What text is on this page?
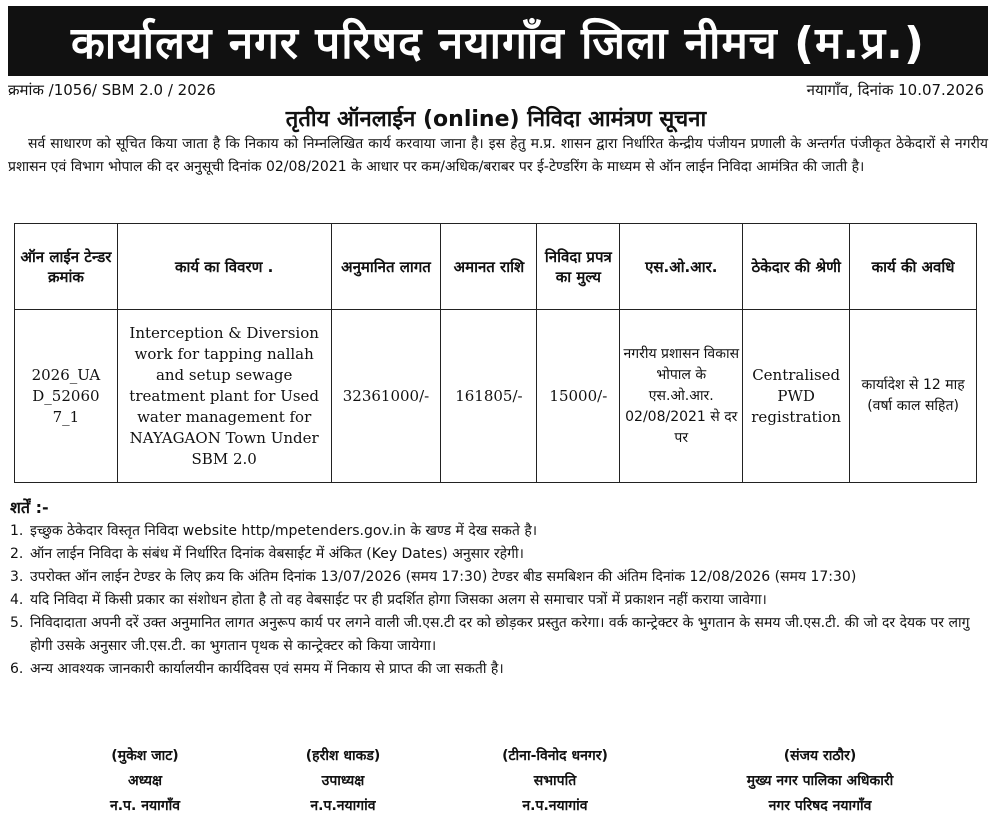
कार्यालय नगर परिषद नयागाँव जिला नीमच (म.प्र.)
क्रमांक /1056/ SBM 2.0 / 2026	नयागाँव, दिनांक 10.07.2026
तृतीय ऑनलाईन (online) निविदा आमंत्रण सूचना
सर्व साधारण को सूचित किया जाता है कि निकाय को निम्नलिखित कार्य करवाया जाना है। इस हेतु म.प्र. शासन द्वारा निर्धारित केन्द्रीय पंजीयन प्रणाली के अन्तर्गत पंजीकृत ठेकेदारों से नगरीय प्रशासन एवं विभाग भोपाल की दर अनुसूची दिनांक 02/08/2021 के आधार पर कम/अधिक/बराबर पर ई-टेण्डरिंग के माध्यम से ऑन लाईन निविदा आमंत्रित की जाती है।
ऑन लाईन टेन्डर क्रमांक	कार्य का विवरण .	अनुमानित लागत	अमानत राशि	निविदा प्रपत्र का मुल्य	एस.ओ.आर.	ठेकेदार की श्रेणी	कार्य की अवधि
2026_UAD_520607_1	Interception & Diversion work for tapping nallah and setup sewage treatment plant for Used water management for NAYAGAON Town Under SBM 2.0	32361000/-	161805/-	15000/-	नगरीय प्रशासन विकास भोपाल के एस.ओ.आर. 02/08/2021 से दर पर	Centralised PWD registration	कार्यादेश से 12 माह (वर्षा काल सहित)
शर्तें :-
1. इच्छुक ठेकेदार विस्तृत निविदा website http/mpetenders.gov.in के खण्ड में देख सकते है।
2. ऑन लाईन निविदा के संबंध में निर्धारित दिनांक वेबसाईट में अंकित (Key Dates) अनुसार रहेगी।
3. उपरोक्त ऑन लाईन टेण्डर के लिए क्रय कि अंतिम दिनांक 13/07/2026 (समय 17:30) टेण्डर बीड समबिशन की अंतिम दिनांक 12/08/2026 (समय 17:30)
4. यदि निविदा में किसी प्रकार का संशोधन होता है तो वह वेबसाईट पर ही प्रदर्शित होगा जिसका अलग से समाचार पत्रों में प्रकाशन नहीं कराया जावेगा।
5. निविदादाता अपनी दरें उक्त अनुमानित लागत अनुरूप कार्य पर लगने वाली जी.एस.टी दर को छोड़कर प्रस्तुत करेगा। वर्क कान्ट्रेक्टर के भुगतान के समय जी.एस.टी. की जो दर देयक पर लागु होगी उसके अनुसार जी.एस.टी. का भुगतान पृथक से कान्ट्रेक्टर को किया जायेगा।
6. अन्य आवश्यक जानकारी कार्यालयीन कार्यदिवस एवं समय में निकाय से प्राप्त की जा सकती है।
(मुकेश जाट)
अध्यक्ष
न.प. नयागाँव
(हरीश धाकड)
उपाध्यक्ष
न.प.नयागांव
(टीना-विनोद धनगर)
सभापति
न.प.नयागांव
(संजय राठौर)
मुख्य नगर पालिका अधिकारी
नगर परिषद नयागाँव
